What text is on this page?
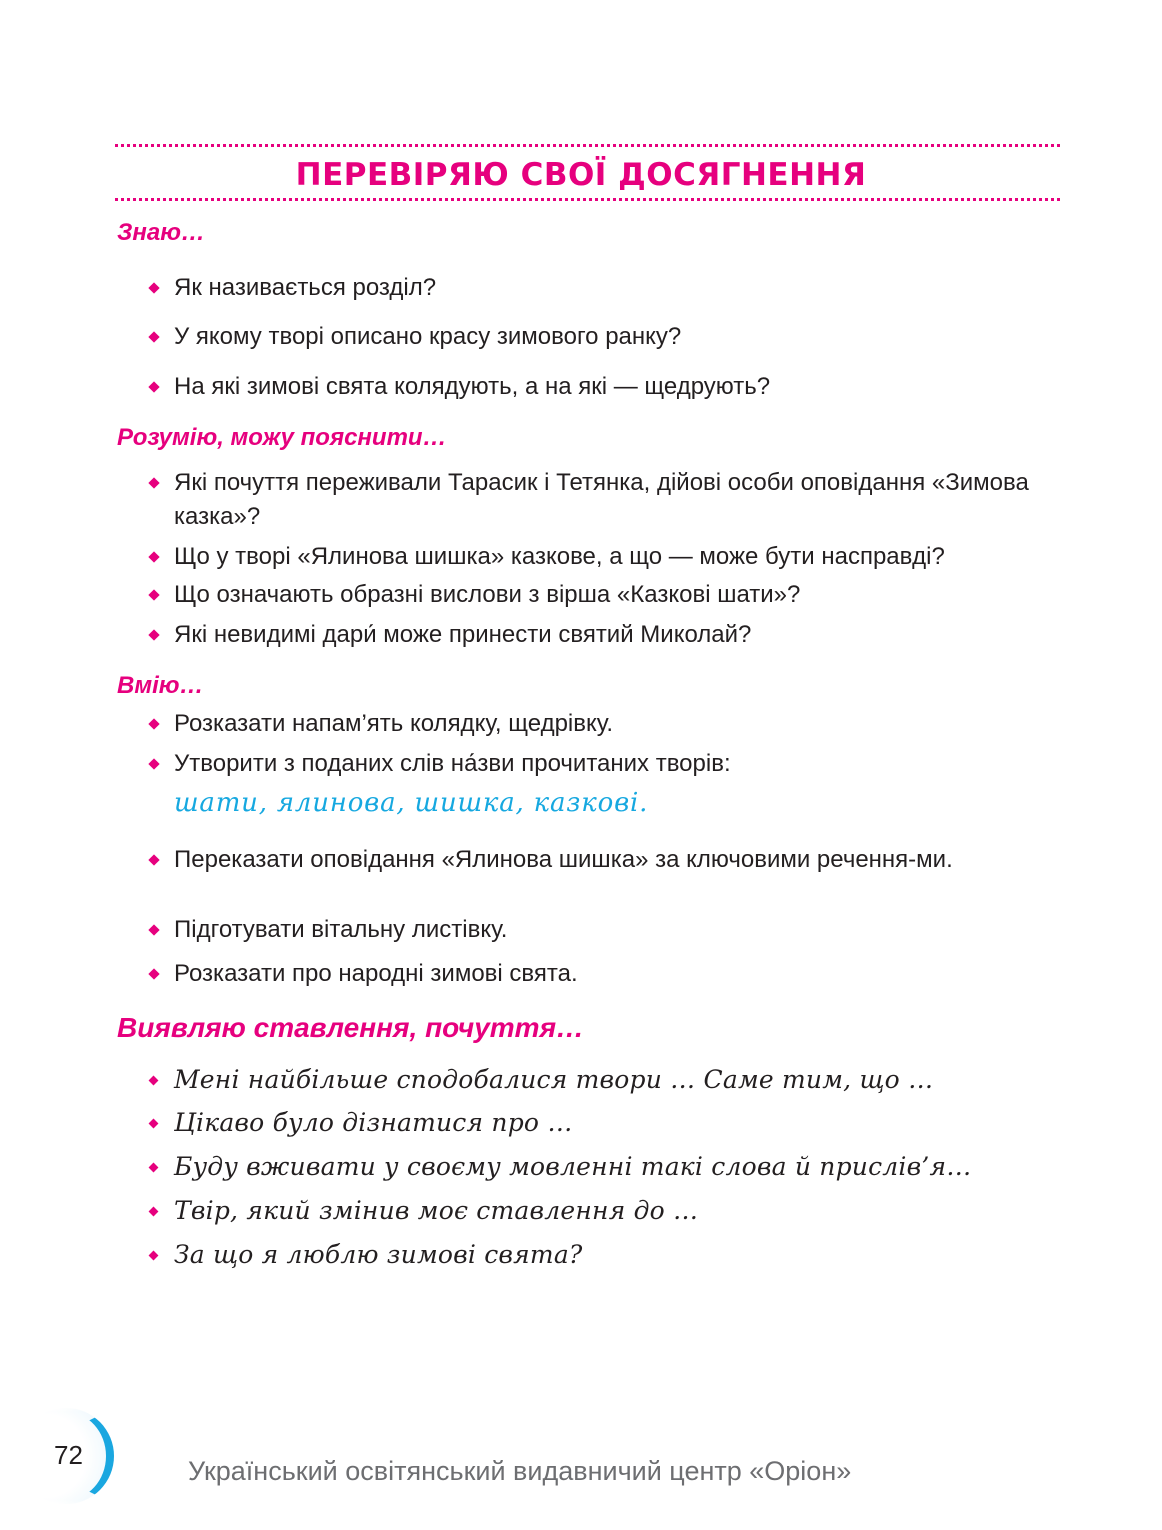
ПЕРЕВІРЯЮ СВОЇ ДОСЯГНЕННЯ
Знаю…
Як називається розділ?
У якому творі описано красу зимового ранку?
На які зимові свята колядують, а на які — щедрують?
Розумію, можу пояснити…
Які почуття переживали Тарасик і Тетянка, дійові особи оповідання «Зимова казка»?
Що у творі «Ялинова шишка» казкове, а що — може бути насправді?
Що означають образні вислови з вірша «Казкові шати»?
Які невидимі дари́ може принести святий Миколай?
Вмію…
Розказати напам’ять колядку, щедрівку.
Утворити з поданих слів на́зви прочитаних творів:
Переказати оповідання «Ялинова шишка» за ключовими речення-ми.
Підготувати вітальну листівку.
Розказати про народні зимові свята.

шати, ялинова, шишка, казкові.

Виявляю ставлення, почуття…
Мені найбільше сподобалися твори … Саме тим, що …
Цікаво було дізнатися про …
Буду вживати у своєму мовленні такі слова й прислів’я…
Твір, який змінив моє ставлення до …
За що я люблю зимові свята?

72

Український освітянський видавничий центр «Оріон»
